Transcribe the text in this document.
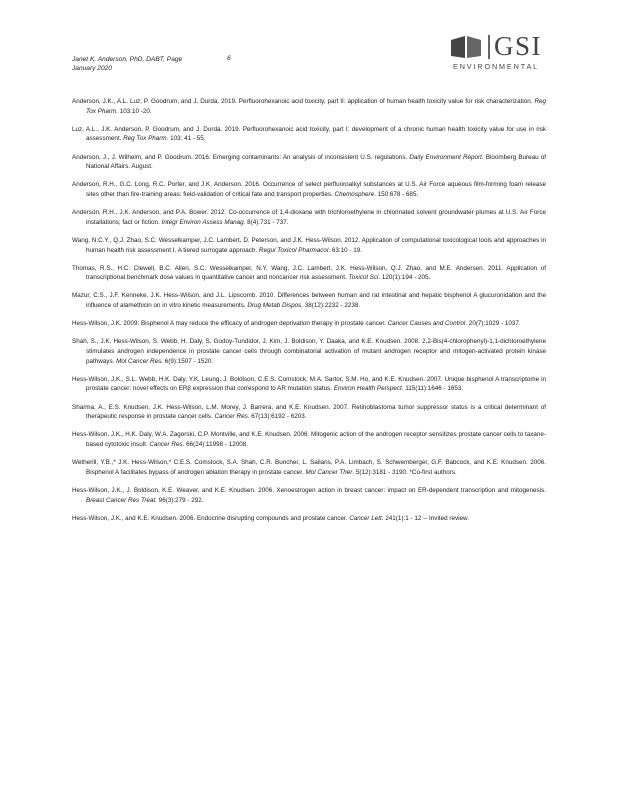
Janet K. Anderson, PhD, DABT, Page
January 2020
6	GSI
ENVIRONMENTAL
Anderson, J.K., A.L. Luz, P. Goodrum, and J. Durda. 2019. Perfluorohexanoic acid toxicity, part II: application of human health toxicity value for risk characterization. Reg Tox Pharm. 103:10 -20.
Luz, A.L., J.K. Anderson, P. Goodrum, and J. Durda. 2019. Perfluorohexanoic acid toxicity, part I: development of a chronic human health toxicity value for use in risk assessment. Reg Tox Pharm. 103: 41 - 55.
Anderson, J., J. Wilhelm, and P. Goodrum. 2016. Emerging contaminants: An analysis of inconsistent U.S. regulations. Daily Environment Report. Bloomberg Bureau of National Affairs. August.
Anderson, R.H., G.C. Long, R.C. Porter, and J.K. Anderson. 2016. Occurrence of select perfluoroalkyl substances at U.S. Air Force aqueous film-forming foam release sites other than fire-training areas: field-validation of critical fate and transport properties. Chemosphere. 150:678 - 685.
Anderson, R.H., J.K. Anderson, and P.A. Bower. 2012. Co-occurrence of 1,4-dioxane with trichloroethylene in chlorinated solvent groundwater plumes at U.S. Air Force installations; fact or fiction. Integr Environ Assess Manag. 8(4):731 - 737.
Wang, N.C.Y., Q.J. Zhao, S.C. Wesselkamper, J.C. Lambert, D. Peterson, and J.K. Hess-Wilson. 2012. Application of computational toxicological tools and approaches in human health risk assessment I. A tiered surrogate approach. Regul Toxicol Pharmacol. 63:10 - 19.
Thomas, R.S., H.C. Clewell, B.C. Allen, S.C. Wesselkamper, N.Y. Wang, J.C. Lambert, J.K. Hess-Wilson, Q.J. Zhao, and M.E. Andersen. 2011. Application of transcriptional benchmark dose values in quantitative cancer and noncancer risk assessment. Toxicol Sci. 120(1):194 - 205.
Mazur, C.S., J.F. Kenneke, J.K. Hess-Wilson, and J.L. Lipscomb. 2010. Differences between human and rat intestinal and hepatic bisphenol A glucuronidation and the influence of alamethicin on in vitro kinetic measurements. Drug Metab Dispos. 38(12):2232 - 2238.
Hess-Wilson, J.K. 2009. Bisphenol A may reduce the efficacy of androgen deprivation therapy in prostate cancer. Cancer Causes and Control. 20(7):1029 - 1037.
Shah, S., J.K. Hess-Wilson, S. Webb, H. Daly, S. Godoy-Tundidor, J. Kim, J. Boldison, Y. Daaka, and K.E. Knudsen. 2008. 2,2-Bis(4-chlorophenyl)-1,1-dichloroethylene stimulates androgen independence in prostate cancer cells through combinatorial activation of mutant androgen receptor and mitogen-activated protein kinase pathways. Mol Cancer Res. 6(9):1507 - 1520.
Hess-Wilson, J.K., S.L. Webb, H.K. Daly, Y.K. Leung, J. Boldison, C.E.S. Comstock, M.A. Sartor, S.M. Ho, and K.E. Knudsen. 2007. Unique bisphenol A transcriptome in prostate cancer: novel effects on ERβ expression that correspond to AR mutation status. Environ Health Perspect. 115(11):1646 - 1653.
Sharma, A., E.S. Knudsen, J.K. Hess-Wilson, L.M. Morey, J. Barrera, and K.E. Knudsen. 2007. Retinoblastoma tumor suppressor status is a critical determinant of therapeutic response in prostate cancer cells. Cancer Res. 67(13):6192 - 6203.
Hess-Wilson, J.K., H.K. Daly, W.A. Zagorski, C.P. Montville, and K.E. Knudsen. 2006. Mitogenic action of the androgen receptor sensitizes prostate cancer cells to taxane-based cytotoxic insult. Cancer Res. 66(24):11998 - 12008.
Wetherill, Y.B.,* J.K. Hess-Wilson,* C.E.S. Comstock, S.A. Shah, C.R. Buncher, L. Sallans, P.A. Limbach, S. Schwemberger, G.F. Babcock, and K.E. Knudsen. 2006. Bisphenol A facilitates bypass of androgen ablation therapy in prostate cancer. Mol Cancer Ther. 5(12):3181 - 3190. *Co-first authors.
Hess-Wilson, J.K., J. Boldison, K.E. Weaver, and K.E. Knudsen. 2006. Xenoestrogen action in breast cancer: impact on ER-dependent transcription and mitogenesis. Breast Cancer Res Treat. 96(3):279 - 292.
Hess-Wilson, J.K., and K.E. Knudsen. 2006. Endocrine disrupting compounds and prostate cancer. Cancer Lett. 241(1):1 - 12 -- Invited review.
